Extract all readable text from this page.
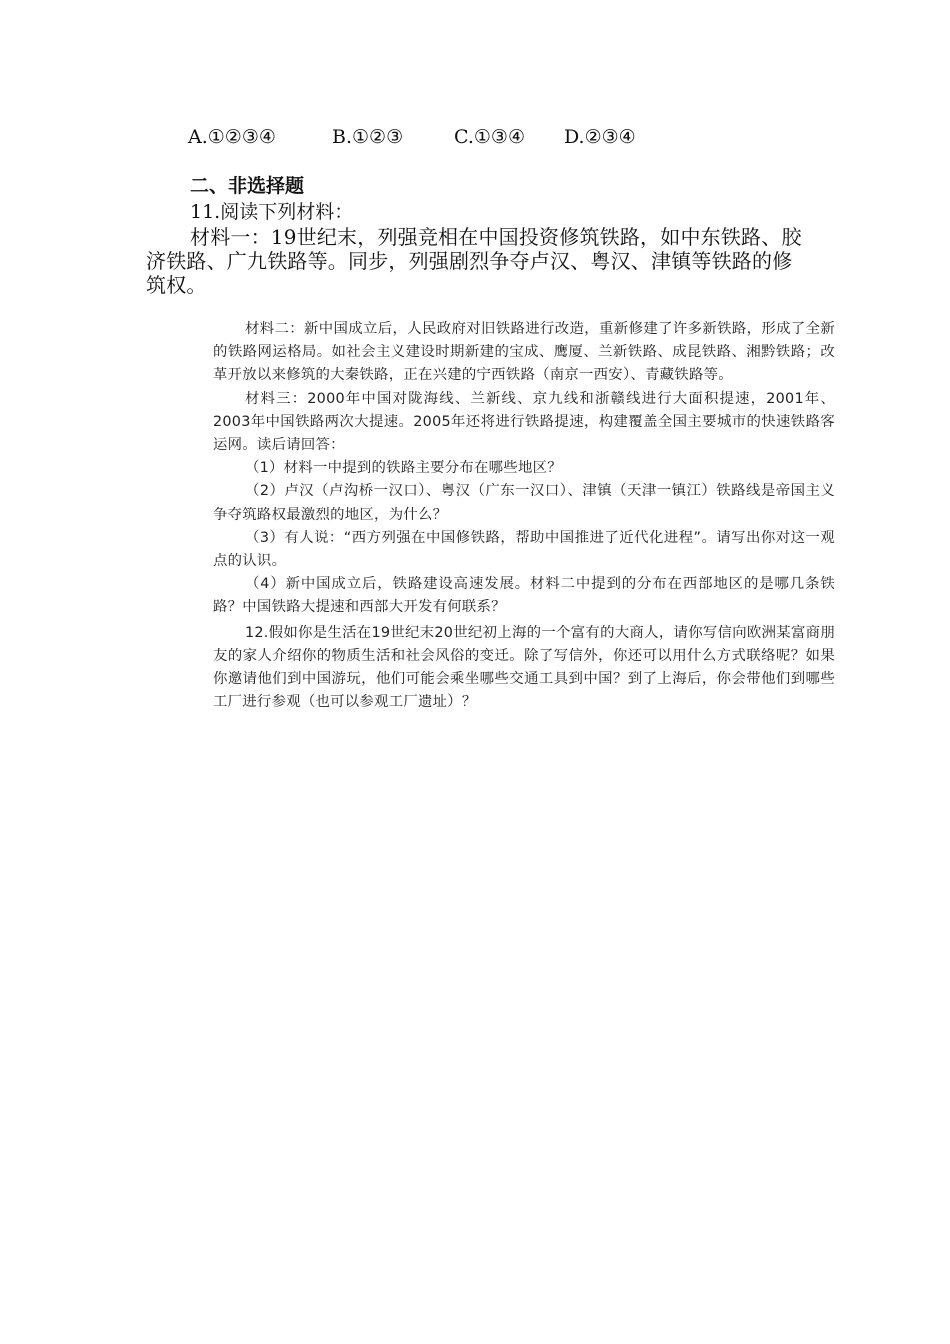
A.①②③④	B.①②③	C.①③④	D.②③④
二、非选择题
11.阅读下列材料：
材料一：19世纪末，列强竞相在中国投资修筑铁路，如中东铁路、胶济铁路、广九铁路等。同步，列强剧烈争夺卢汉、粤汉、津镇等铁路的修筑权。

材料二：新中国成立后，人民政府对旧铁路进行改造，重新修建了许多新铁路，形成了全新的铁路网运格局。如社会主义建设时期新建的宝成、鹰厦、兰新铁路、成昆铁路、湘黔铁路；改革开放以来修筑的大秦铁路，正在兴建的宁西铁路（南京一西安）、青藏铁路等。

材料三：2000年中国对陇海线、兰新线、京九线和浙赣线进行大面积提速，2001年、2003年中国铁路两次大提速。2005年还将进行铁路提速，构建覆盖全国主要城市的快速铁路客运网。读后请回答：

（1）材料一中提到的铁路主要分布在哪些地区？

（2）卢汉（卢沟桥一汉口）、粤汉（广东一汉口）、津镇（天津一镇江）铁路线是帝国主义争夺筑路权最激烈的地区，为什么？

（3）有人说：“西方列强在中国修铁路，帮助中国推进了近代化进程”。请写出你对这一观点的认识。

（4）新中国成立后，铁路建设高速发展。材料二中提到的分布在西部地区的是哪几条铁路？中国铁路大提速和西部大开发有何联系？

12.假如你是生活在19世纪末20世纪初上海的一个富有的大商人，请你写信向欧洲某富商朋友的家人介绍你的物质生活和社会风俗的变迁。除了写信外，你还可以用什么方式联络呢？如果你邀请他们到中国游玩，他们可能会乘坐哪些交通工具到中国？到了上海后，你会带他们到哪些工厂进行参观（也可以参观工厂遗址）？
